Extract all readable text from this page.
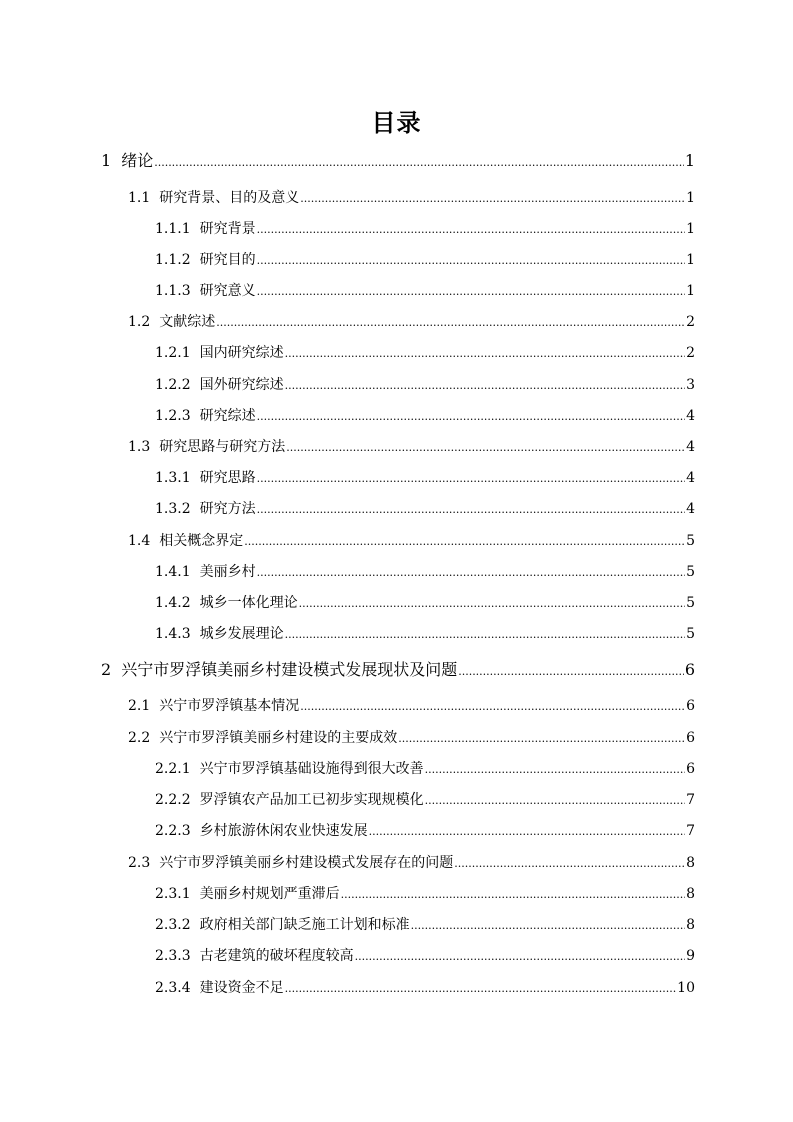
目录
1 绪论 .....	1
1.1 研究背景、目的及意义 .....	1
1.1.1 研究背景 .....	1
1.1.2 研究目的 .....	1
1.1.3 研究意义 .....	1
1.2 文献综述 .....	2
1.2.1 国内研究综述 .....	2
1.2.2 国外研究综述 .....	3
1.2.3 研究综述 .....	4
1.3 研究思路与研究方法 .....	4
1.3.1 研究思路 .....	4
1.3.2 研究方法 .....	4
1.4 相关概念界定 .....	5
1.4.1 美丽乡村 .....	5
1.4.2 城乡一体化理论 .....	5
1.4.3 城乡发展理论 .....	5
2 兴宁市罗浮镇美丽乡村建设模式发展现状及问题 .....	6
2.1 兴宁市罗浮镇基本情况 .....	6
2.2 兴宁市罗浮镇美丽乡村建设的主要成效 .....	6
2.2.1 兴宁市罗浮镇基础设施得到很大改善 .....	6
2.2.2 罗浮镇农产品加工已初步实现规模化 .....	7
2.2.3 乡村旅游休闲农业快速发展 .....	7
2.3 兴宁市罗浮镇美丽乡村建设模式发展存在的问题 .....	8
2.3.1 美丽乡村规划严重滞后 .....	8
2.3.2 政府相关部门缺乏施工计划和标准 .....	8
2.3.3 古老建筑的破坏程度较高 .....	9
2.3.4 建设资金不足 .....	10
